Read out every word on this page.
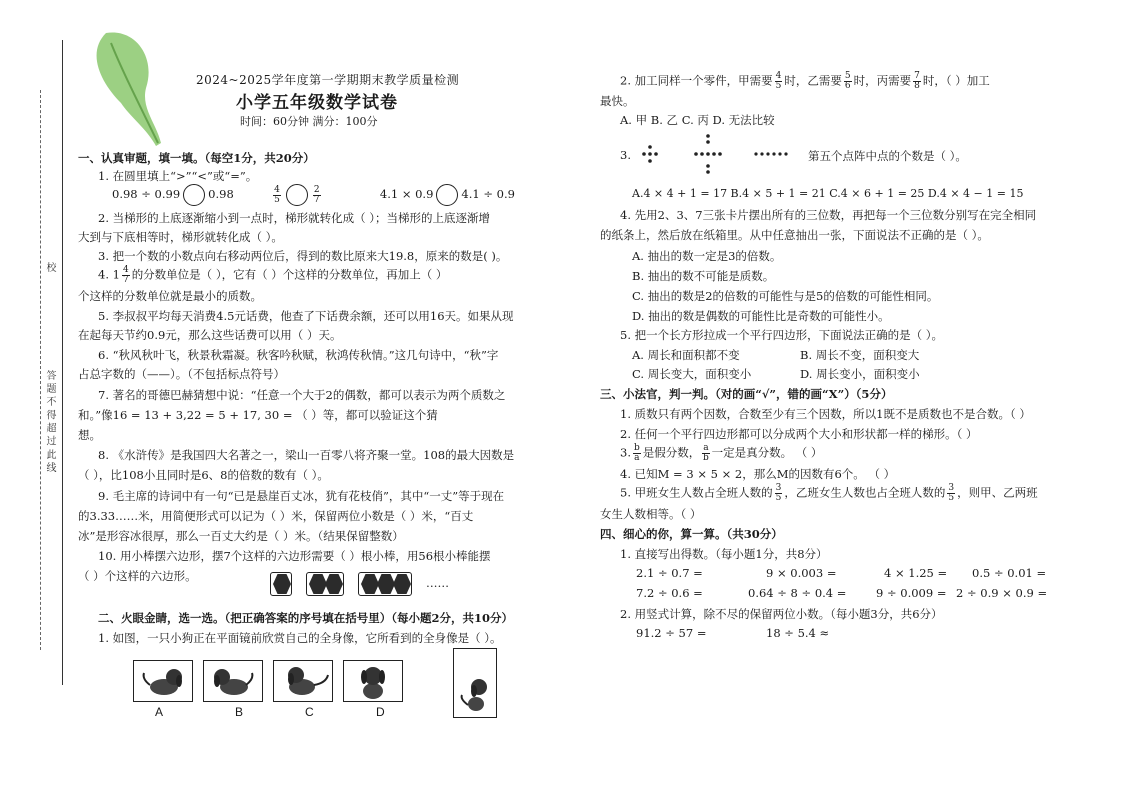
答 题 不 得 超 过 此 线
校
2024~2025学年度第一学期期末教学质量检测
小学五年级数学试卷
时间：60分钟 满分：100分
一、认真审题，填一填。（每空1分，共20分）
1. 在圆里填上“>”“<”或“=”。
0.98 ÷ 0.99 0.98	$\frac{4}{5}$	$\frac{2}{7}$	4.1 × 0.9 4.1 ÷ 0.9
2. 当梯形的上底逐渐缩小到一点时，梯形就转化成（ ）；当梯形的上底逐渐增
大到与下底相等时，梯形就转化成（ ）。
3. 把一个数的小数点向右移动两位后，得到的数比原来大19.8，原来的数是( )。
4. $1 \frac{4}{7}$ 的分数单位是（ ），它有（ ）个这样的分数单位，再加上（ ）
个这样的分数单位就是最小的质数。
5. 李叔叔平均每天消费4.5元话费，他查了下话费余额，还可以用16天。如果从现
在起每天节约0.9元，那么这些话费可以用（ ）天。
6. “秋风秋叶飞，秋景秋霜凝。秋客吟秋赋，秋鸿传秋情。”这几句诗中，“秋”字
占总字数的（——）。（不包括标点符号）
7. 著名的哥德巴赫猜想中说：“任意一个大于2的偶数，都可以表示为两个质数之
和。”像16 = 13 + 3,22 = 5 + 17, 30 = （ ）等，都可以验证这个猜
想。
8. 《水浒传》是我国四大名著之一，梁山一百零八将齐聚一堂。108的最大因数是
（ ），比108小且同时是6、8的倍数的数有（ ）。
9. 毛主席的诗词中有一句“已是悬崖百丈冰，犹有花枝俏”，其中“一丈”等于现在
的3.33……米，用简便形式可以记为（ ）米，保留两位小数是（ ）米，“百丈
冰”是形容冰很厚，那么一百丈大约是（ ）米。（结果保留整数）
10. 用小棒摆六边形，摆7个这样的六边形需要（ ）根小棒，用56根小棒能摆
（ ）个这样的六边形。	……
二、火眼金睛，选一选。（把正确答案的序号填在括号里）（每小题2分，共10分）
1. 如图，一只小狗正在平面镜前欣赏自己的全身像，它所看到的全身像是（ ）。
A	B	C	D
2. 加工同样一个零件，甲需要 $\frac{4}{5}$ 时，乙需要 $\frac{5}{6}$ 时，丙需要 $\frac{7}{8}$ 时，（ ）加工
最快。
A. 甲 B. 乙 C. 丙 D. 无法比较
3.	第五个点阵中点的个数是（ ）。
A.4 × 4 + 1 = 17 B.4 × 5 + 1 = 21 C.4 × 6 + 1 = 25 D.4 × 4 − 1 = 15
4. 先用2、3、7三张卡片摆出所有的三位数，再把每一个三位数分别写在完全相同
的纸条上，然后放在纸箱里。从中任意抽出一张，下面说法不正确的是（ ）。
A. 抽出的数一定是3的倍数。
B. 抽出的数不可能是质数。
C. 抽出的数是2的倍数的可能性与是5的倍数的可能性相同。
D. 抽出的数是偶数的可能性比是奇数的可能性小。
5. 把一个长方形拉成一个平行四边形，下面说法正确的是（ ）。
A. 周长和面积都不变	B. 周长不变，面积变大
C. 周长变大，面积变小	D. 周长变小，面积变小
三、小法官，判一判。（对的画“√”，错的画“X”）（5分）
1. 质数只有两个因数，合数至少有三个因数，所以1既不是质数也不是合数。（ ）
2. 任何一个平行四边形都可以分成两个大小和形状都一样的梯形。（ ）
3. $\frac{b}{a}$ 是假分数， $\frac{a}{b}$ 一定是真分数。 （ ）
4. 已知M = 3 × 5 × 2，那么M的因数有6个。 （ ）
5. 甲班女生人数占全班人数的 $\frac{3}{5}$ ，乙班女生人数也占全班人数的 $\frac{3}{5}$ ，则甲、乙两班
女生人数相等。（ ）
四、细心的你，算一算。（共30分）
1. 直接写出得数。（每小题1分，共8分）
2.1 ÷ 0.7 =	9 × 0.003 =	4 × 1.25 = 0.5 ÷ 0.01 =
7.2 ÷ 0.6 =	0.64 ÷ 8 ÷ 0.4 =	9 ÷ 0.009 = 2 ÷ 0.9 × 0.9 =
2. 用竖式计算，除不尽的保留两位小数。（每小题3分，共6分）
91.2 ÷ 57 =	18 ÷ 5.4 ≈
